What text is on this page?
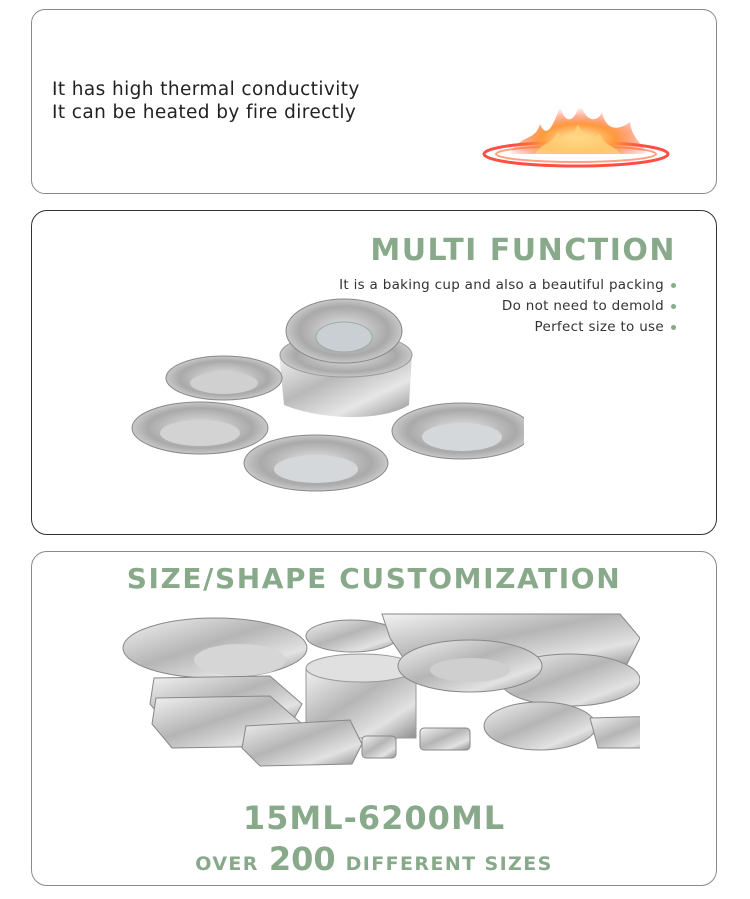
It has high thermal conductivity
It can be heated by fire directly
MULTI FUNCTION
It is a baking cup and also a beautiful packing
Do not need to demold
Perfect size to use
SIZE/SHAPE CUSTOMIZATION
15ML-6200ML
OVER 200 DIFFERENT SIZES
